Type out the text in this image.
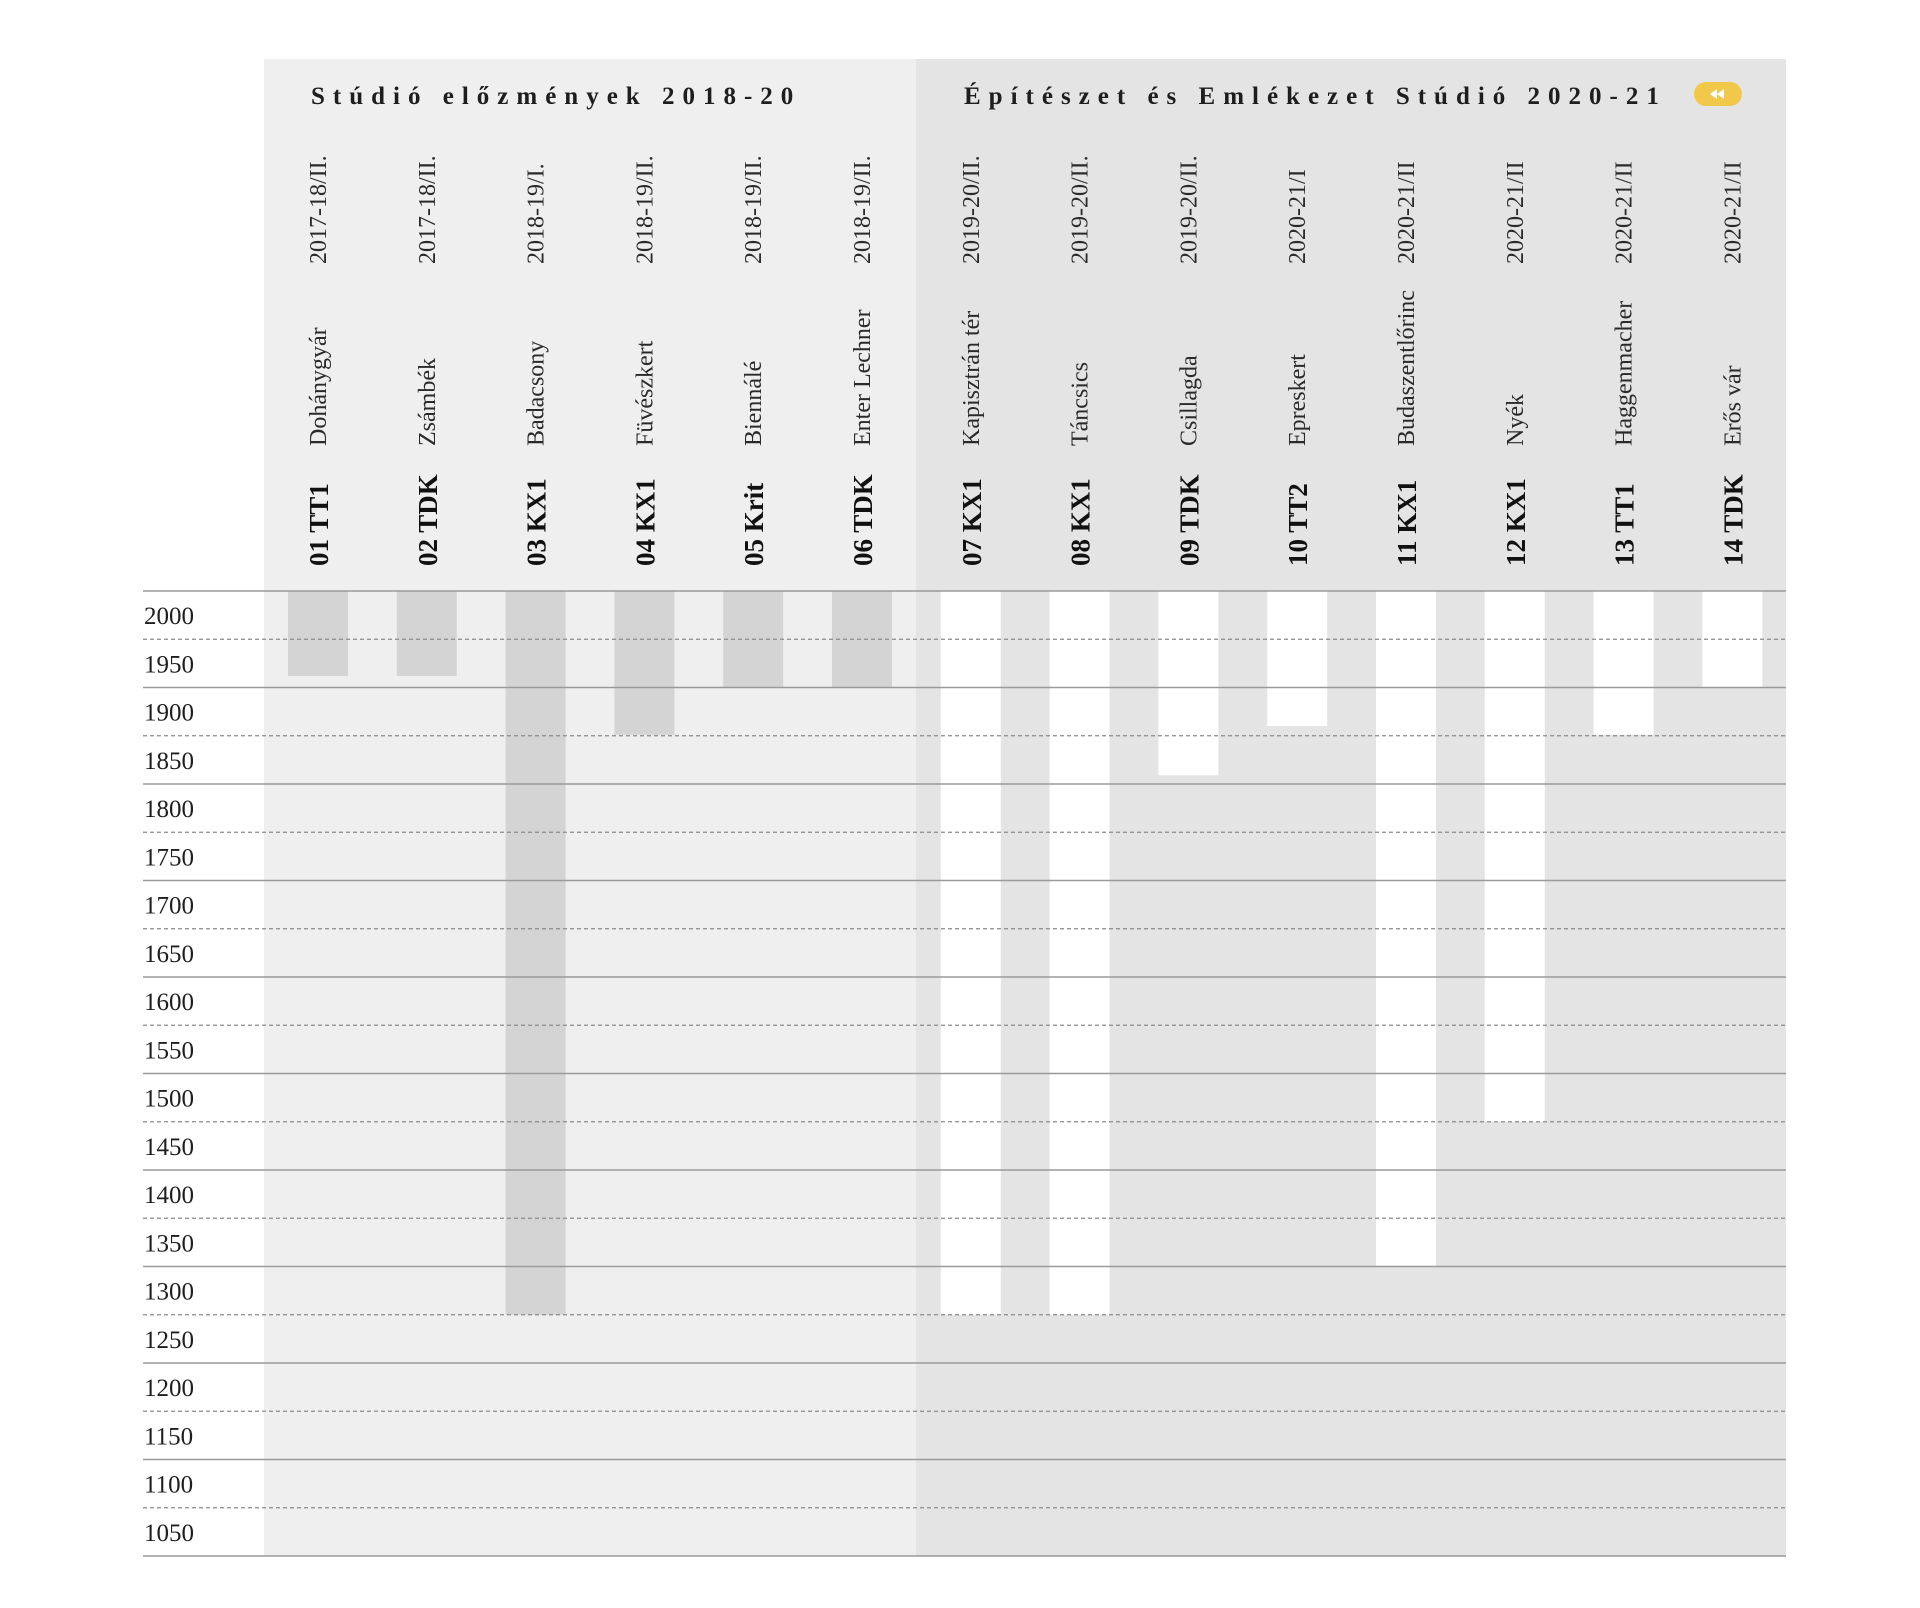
2000
1950
1900
1850
1800
1750
1700
1650
1600
1550
1500
1450
1400
1350
1300
1250
1200
1150
1100
1050
2017-18/II.
Dohánygyár
01 TT1
2017-18/II.
Zsámbék
02 TDK
2018-19/I.
Badacsony
03 KX1
2018-19/II.
Füvészkert
04 KX1
2018-19/II.
Biennálé
05 Krit
2018-19/II.
Enter Lechner
06 TDK
2019-20/II.
Kapisztrán tér
07 KX1
2019-20/II.
Táncsics
08 KX1
2019-20/II.
Csillagda
09 TDK
2020-21/I
Epreskert
10 TT2
2020-21/II
Budaszentlőrinc
11 KX1
2020-21/II
Nyék
12 KX1
2020-21/II
Haggenmacher
13 TT1
2020-21/II
Erős vár
14 TDK
Stúdió előzmények 2018-20	Építészet és Emlékezet Stúdió 2020-21
